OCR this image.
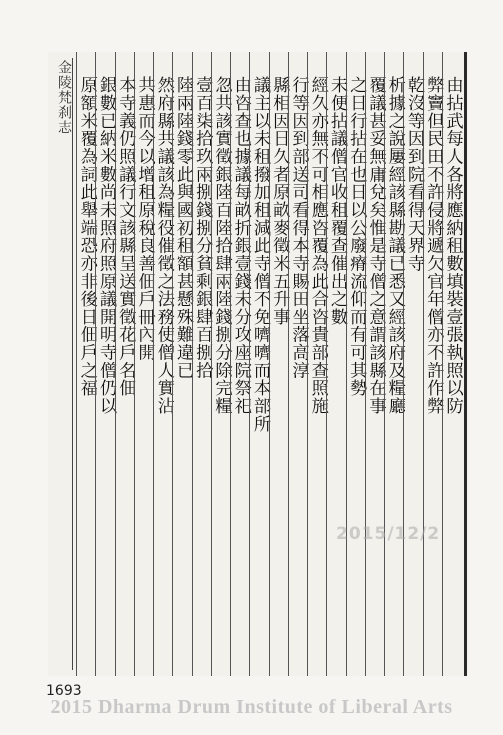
金陵梵刹志	由拈武每人各將應納租數填裝壹張執照以防
弊竇但民田不許侵將遞欠官年僧亦不許作弊
乾沒等因到院看得天界寺
析據之說屢經該縣勘議已悉又經該府及糧廳
覆議甚妥無庸兌矣惟是寺僧之意謂該縣在事
之日行拈在也日以公廢瘠流仰而有可其勢
未便拈議僧官收租覆查催出之數
經久亦無不可相應咨覆為此合咨貴部查照施
行等因到部送司看得本寺賜田坐落高淳
縣相因日久者原畝麥徵米五升事
議主以未租撥加租減此寺僧不免嚌嚌而本部所
由咨查也據議每畝折銀壹錢未分攻座院祭祀
忽共該實徵銀陸百陸拾肆兩陸錢捌分除完糧
壹百柒拾玖兩捌錢捌分貧剩銀肆百捌拾
陸兩陸錢零此與國初租額甚懸殊難違已
然府縣共議該為糧役催徵之法務使僧人實沾
共惠而今以增租原稅良善佃戶冊內開
本寺義仍照議行文該縣呈送實徵花戶名佃
銀數已納米數尚未照府照原議開明寺僧仍以
原額米覆為詞此舉端恐亦非後日佃戶之福
2015/12/2
1693
2015 Dharma Drum Institute of Liberal Arts
